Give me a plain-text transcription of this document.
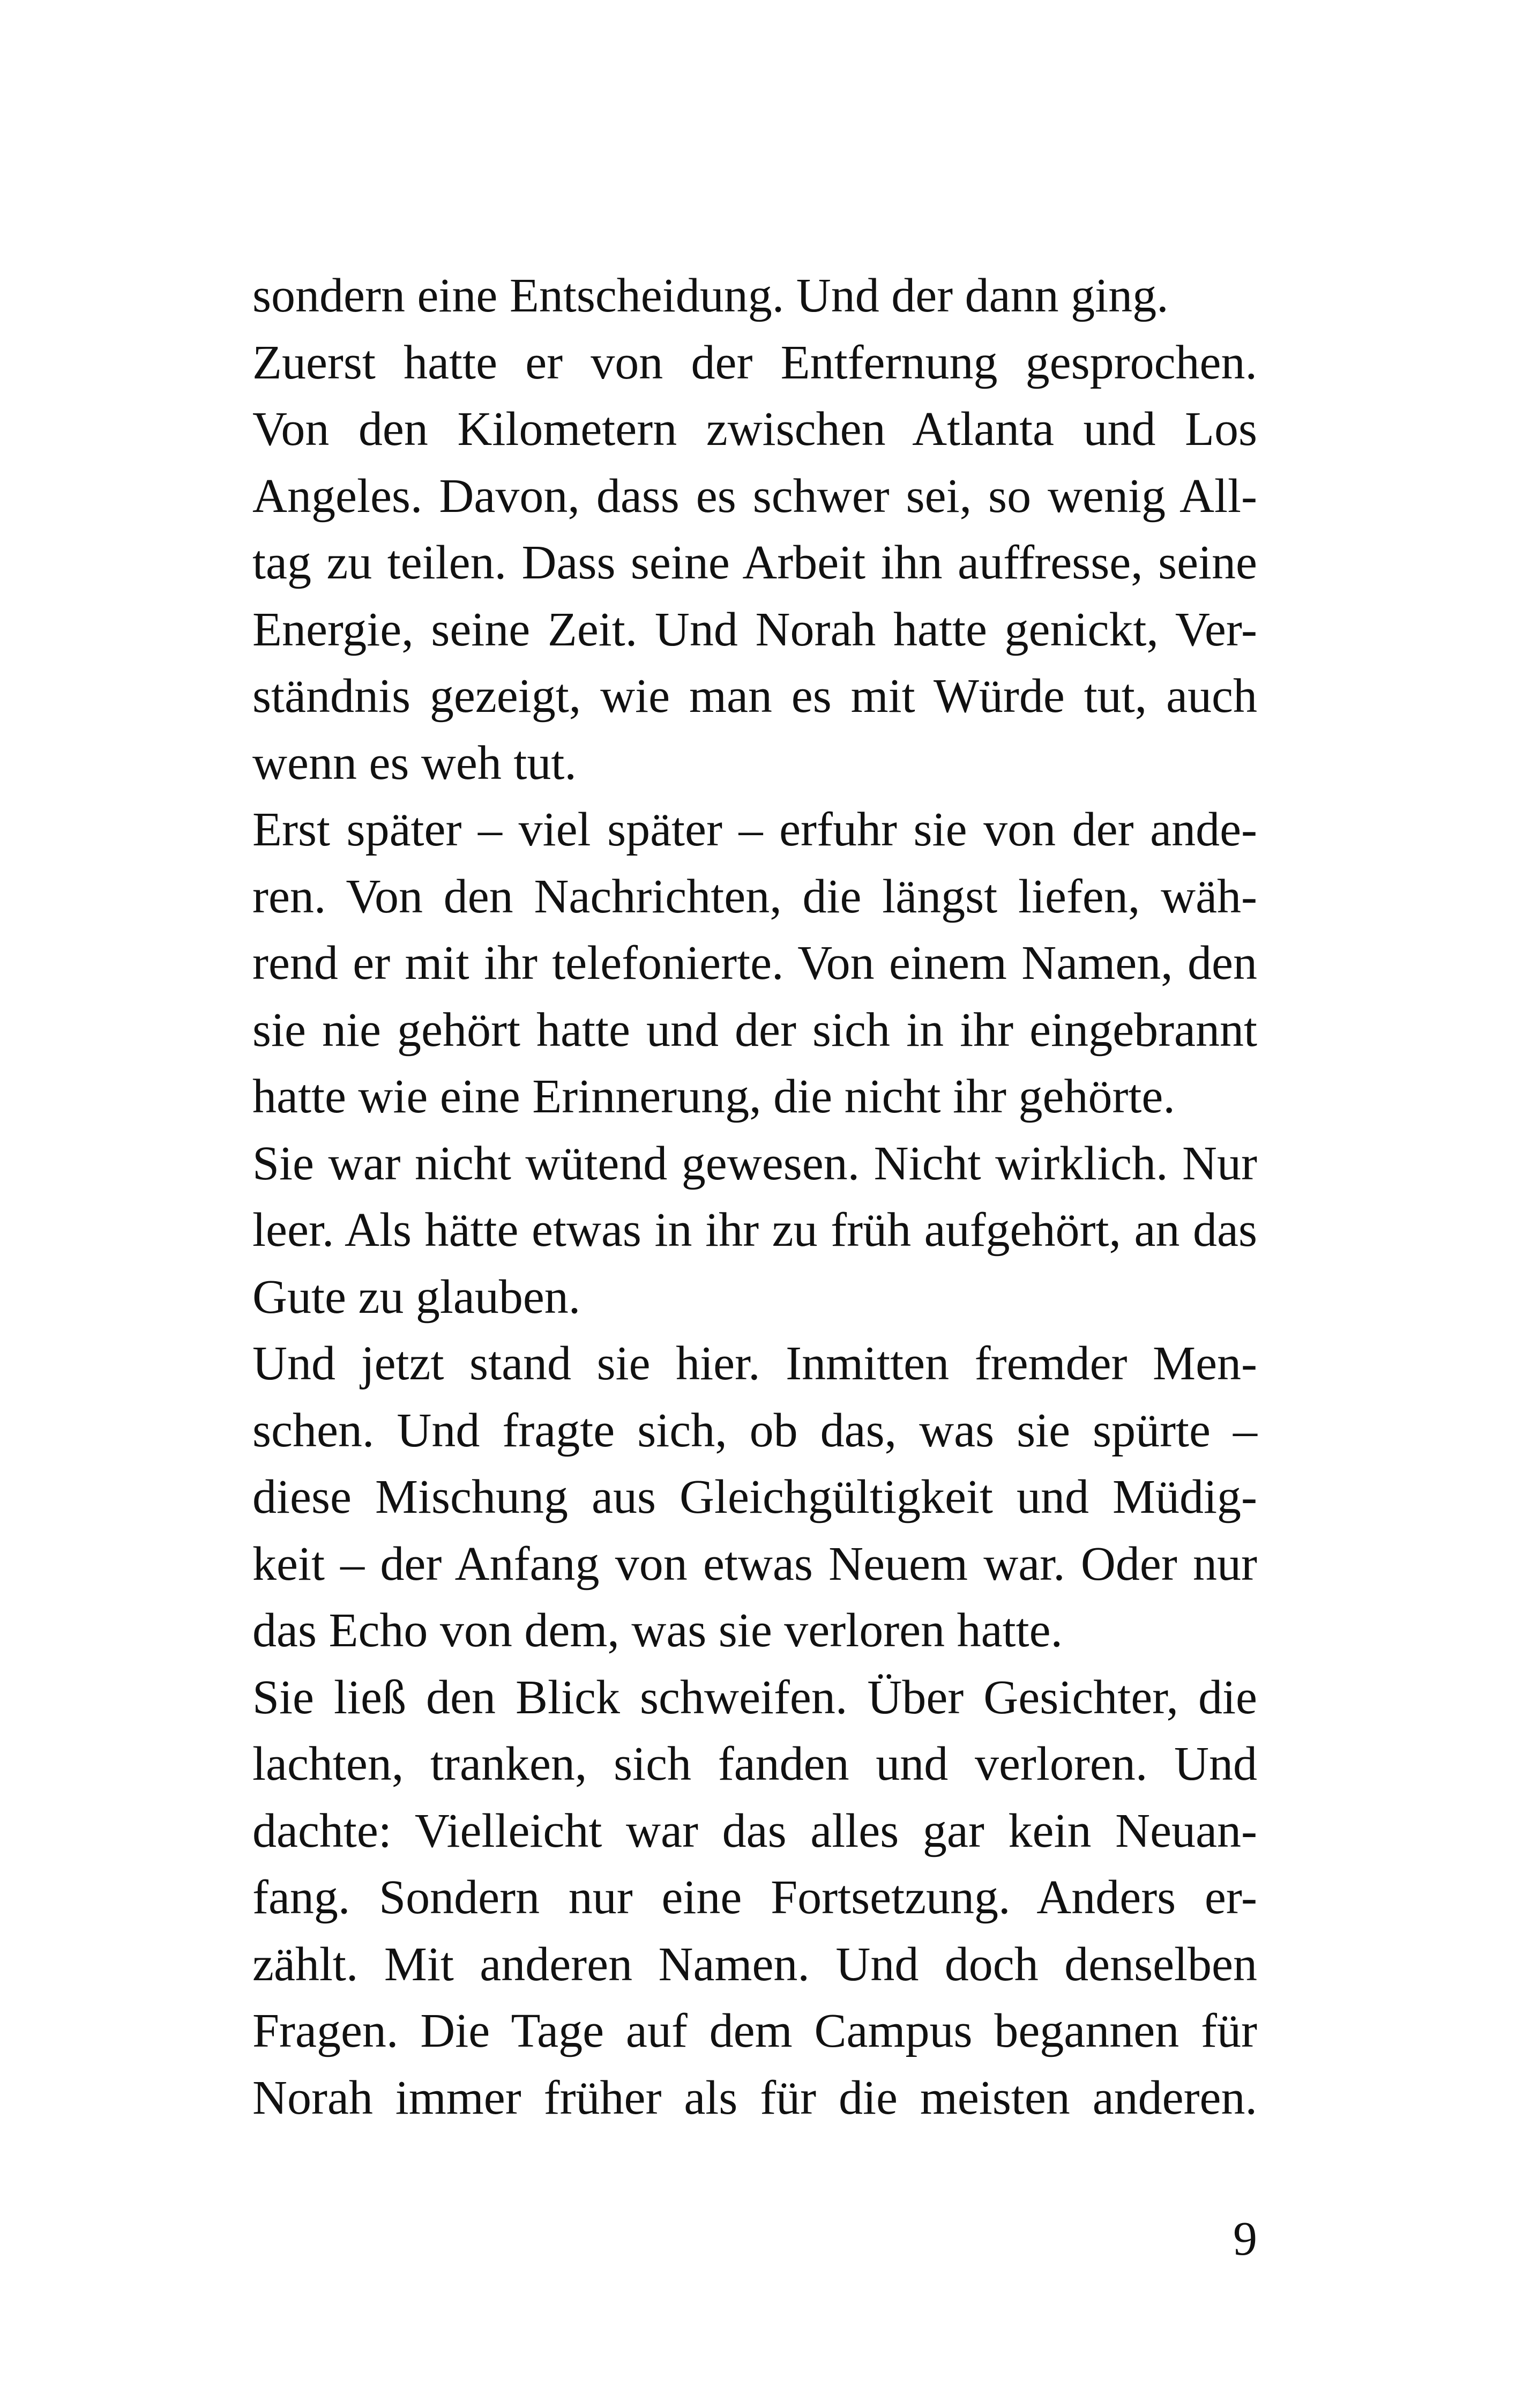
sondern eine Entscheidung. Und der dann ging.
Zuerst hatte er von der Entfernung gesprochen.
Von den Kilometern zwischen Atlanta und Los
Angeles. Davon, dass es schwer sei, so wenig All-
tag zu teilen. Dass seine Arbeit ihn auffresse, seine
Energie, seine Zeit. Und Norah hatte genickt, Ver-
ständnis gezeigt, wie man es mit Würde tut, auch
wenn es weh tut.
Erst später – viel später – erfuhr sie von der ande-
ren. Von den Nachrichten, die längst liefen, wäh-
rend er mit ihr telefonierte. Von einem Namen, den
sie nie gehört hatte und der sich in ihr eingebrannt
hatte wie eine Erinnerung, die nicht ihr gehörte.
Sie war nicht wütend gewesen. Nicht wirklich. Nur
leer. Als hätte etwas in ihr zu früh aufgehört, an das
Gute zu glauben.
Und jetzt stand sie hier. Inmitten fremder Men-
schen. Und fragte sich, ob das, was sie spürte –
diese Mischung aus Gleichgültigkeit und Müdig-
keit – der Anfang von etwas Neuem war. Oder nur
das Echo von dem, was sie verloren hatte.
Sie ließ den Blick schweifen. Über Gesichter, die
lachten, tranken, sich fanden und verloren. Und
dachte: Vielleicht war das alles gar kein Neuan-
fang. Sondern nur eine Fortsetzung. Anders er-
zählt. Mit anderen Namen. Und doch denselben
Fragen. Die Tage auf dem Campus begannen für
Norah immer früher als für die meisten anderen.
9
